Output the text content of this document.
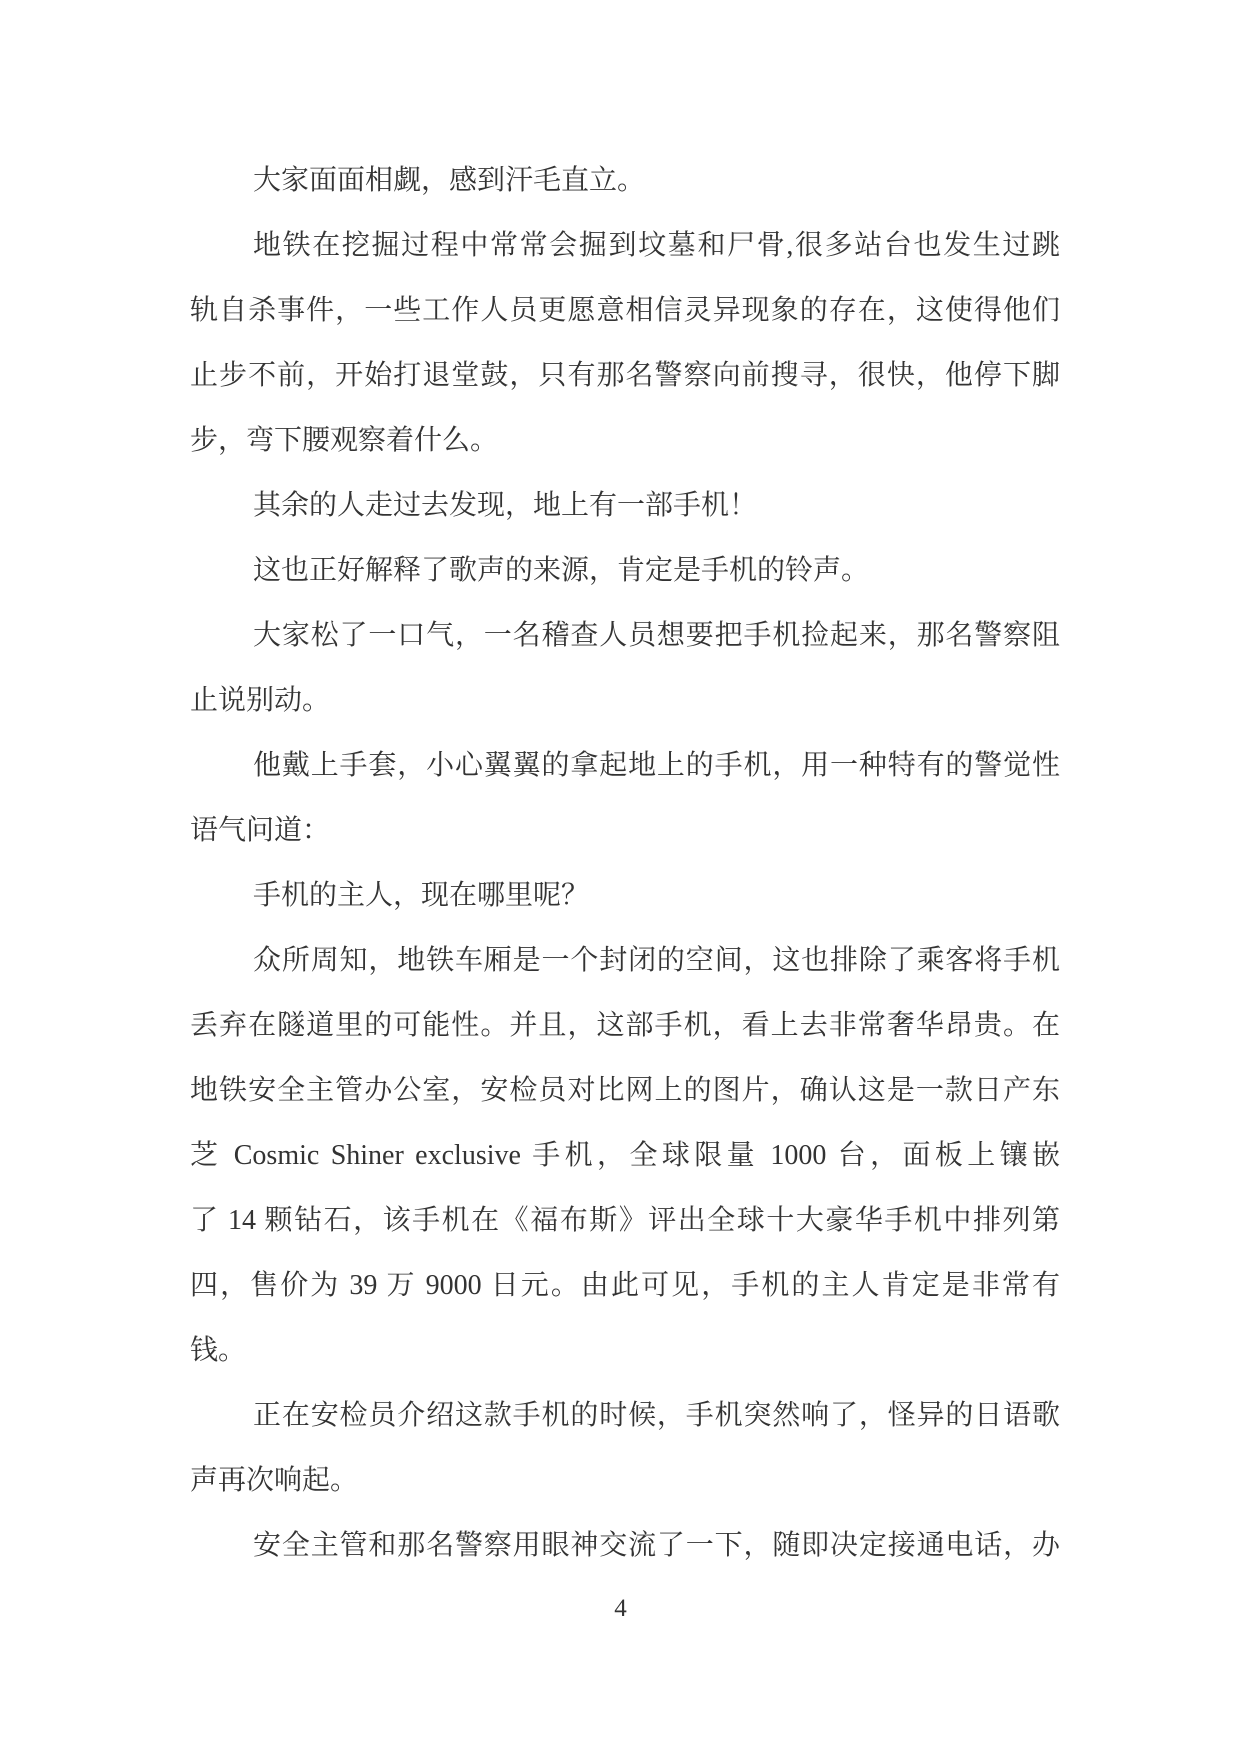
大家面面相觑，感到汗毛直立。
地铁在挖掘过程中常常会掘到坟墓和尸骨,很多站台也发生过跳
轨自杀事件，一些工作人员更愿意相信灵异现象的存在，这使得他们
止步不前，开始打退堂鼓，只有那名警察向前搜寻，很快，他停下脚
步，弯下腰观察着什么。
其余的人走过去发现，地上有一部手机！
这也正好解释了歌声的来源，肯定是手机的铃声。
大家松了一口气，一名稽查人员想要把手机捡起来，那名警察阻
止说别动。
他戴上手套，小心翼翼的拿起地上的手机，用一种特有的警觉性
语气问道：
手机的主人，现在哪里呢？
众所周知，地铁车厢是一个封闭的空间，这也排除了乘客将手机
丢弃在隧道里的可能性。并且，这部手机，看上去非常奢华昂贵。在
地铁安全主管办公室，安检员对比网上的图片，确认这是一款日产东
芝 Cosmic Shiner exclusive 手机，全球限量 1000 台，面板上镶嵌
了 14 颗钻石，该手机在《福布斯》评出全球十大豪华手机中排列第
四，售价为 39 万 9000 日元。由此可见，手机的主人肯定是非常有
钱。
正在安检员介绍这款手机的时候，手机突然响了，怪异的日语歌
声再次响起。
安全主管和那名警察用眼神交流了一下，随即决定接通电话，办
4
